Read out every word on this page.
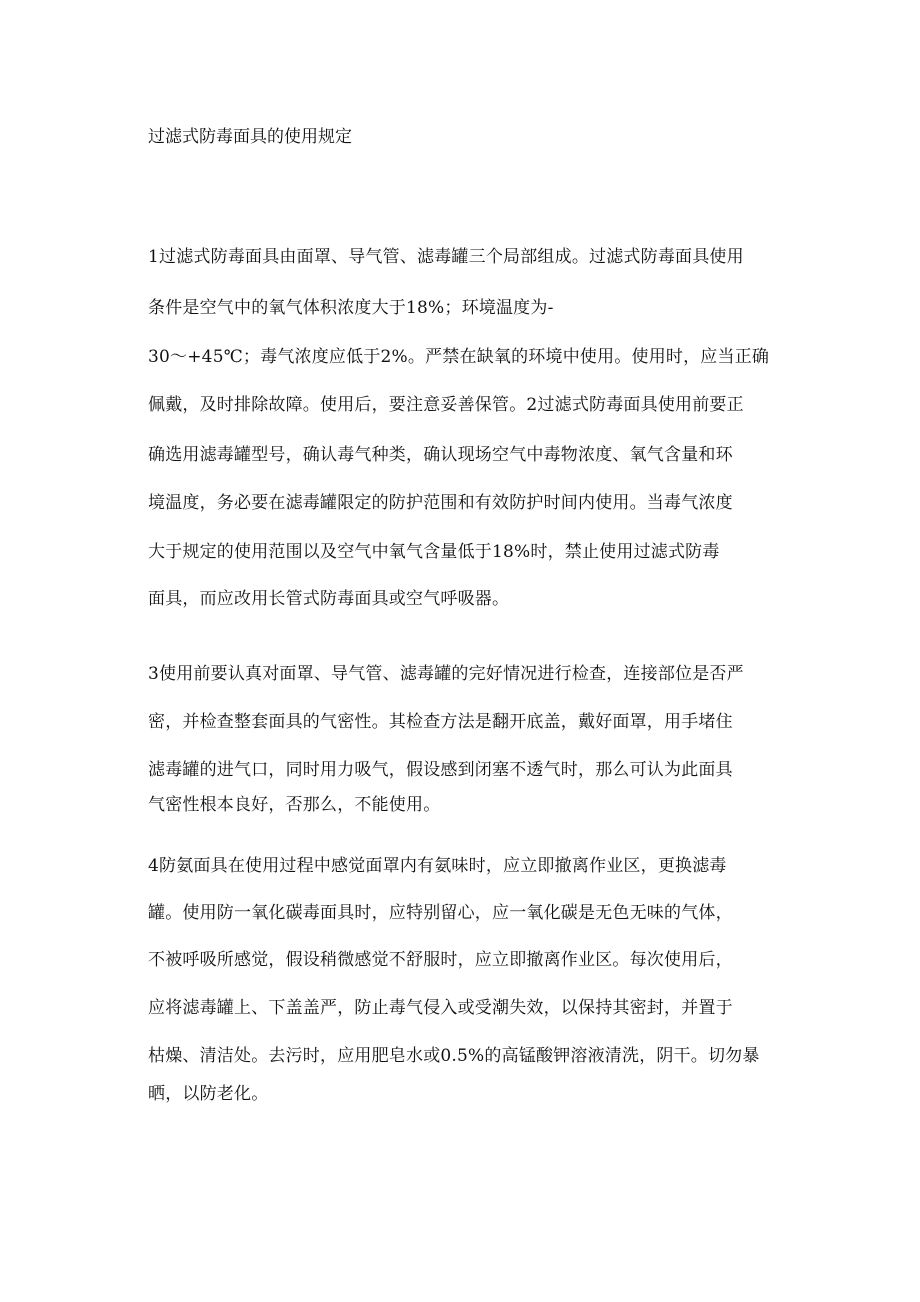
过滤式防毒面具的使用规定
1过滤式防毒面具由面罩、导气管、滤毒罐三个局部组成。过滤式防毒面具使用
条件是空气中的氧气体积浓度大于18%；环境温度为-
30～+45℃；毒气浓度应低于2%。严禁在缺氧的环境中使用。使用时，应当正确
佩戴，及时排除故障。使用后，要注意妥善保管。2过滤式防毒面具使用前要正
确选用滤毒罐型号，确认毒气种类，确认现场空气中毒物浓度、氧气含量和环
境温度，务必要在滤毒罐限定的防护范围和有效防护时间内使用。当毒气浓度
大于规定的使用范围以及空气中氧气含量低于18%时，禁止使用过滤式防毒
面具，而应改用长管式防毒面具或空气呼吸器。
3使用前要认真对面罩、导气管、滤毒罐的完好情况进行检查，连接部位是否严
密，并检查整套面具的气密性。其检查方法是翻开底盖，戴好面罩，用手堵住
滤毒罐的进气口，同时用力吸气，假设感到闭塞不透气时，那么可认为此面具
气密性根本良好，否那么，不能使用。
4防氨面具在使用过程中感觉面罩内有氨味时，应立即撤离作业区，更换滤毒
罐。使用防一氧化碳毒面具时，应特别留心，应一氧化碳是无色无味的气体，
不被呼吸所感觉，假设稍微感觉不舒服时，应立即撤离作业区。每次使用后，
应将滤毒罐上、下盖盖严，防止毒气侵入或受潮失效，以保持其密封，并置于
枯燥、清洁处。去污时，应用肥皂水或0.5%的高锰酸钾溶液清洗，阴干。切勿暴
晒，以防老化。
